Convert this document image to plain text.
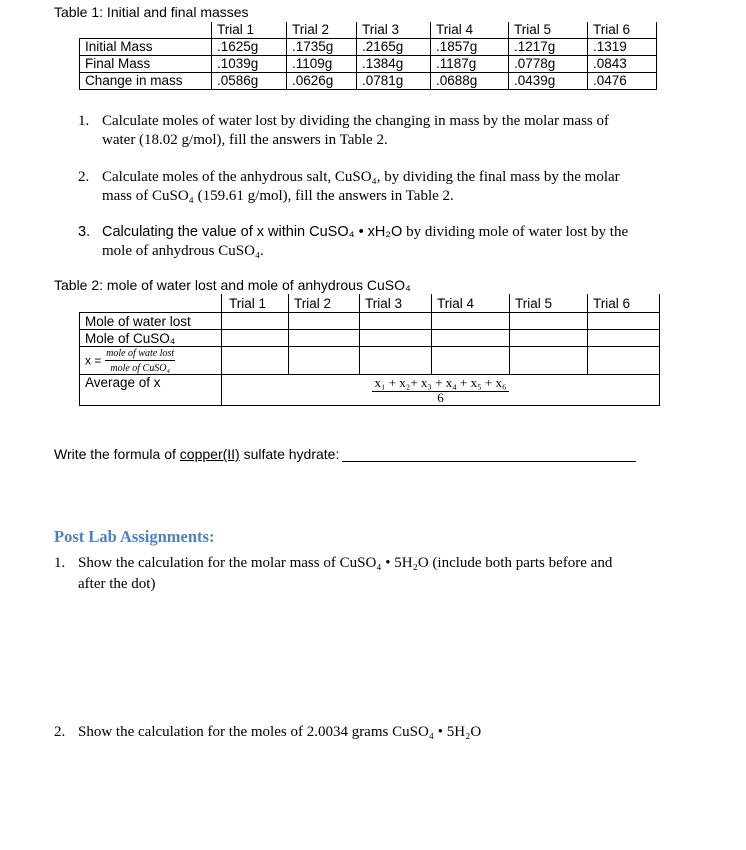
Table 1: Initial and final masses
	Trial 1	Trial 2	Trial 3	Trial 4	Trial 5	Trial 6
Initial Mass	.1625g	.1735g	.2165g	.1857g	.1217g	.1319
Final Mass	.1039g	.1109g	.1384g	.1187g	.0778g	.0843
Change in mass	.0586g	.0626g	.0781g	.0688g	.0439g	.0476
1. Calculate moles of water lost by dividing the changing in mass by the molar mass of
water (18.02 g/mol), fill the answers in Table 2.
2. Calculate moles of the anhydrous salt, CuSO₄, by dividing the final mass by the molar
mass of CuSO₄ (159.61 g/mol), fill the answers in Table 2.
3. Calculating the value of x within CuSO₄ • xH₂O by dividing mole of water lost by the
mole of anhydrous CuSO₄.
Table 2: mole of water lost and mole of anhydrous CuSO₄
	Trial 1	Trial 2	Trial 3	Trial 4	Trial 5	Trial 6
Mole of water lost						
Mole of CuSO₄						
$x = \frac{\text{mole of wate lost}}{\text{mole of CuSO₄}}$

Average of x	$\frac{\text{x₁ + x₂+ x₃ + x₄ + x₅ + x₆}}{6}$
Write the formula of copper(II) sulfate hydrate:
Post Lab Assignments:
1. Show the calculation for the molar mass of CuSO₄ • 5H₂O (include both parts before and
after the dot)
2. Show the calculation for the moles of 2.0034 grams CuSO₄ • 5H₂O
